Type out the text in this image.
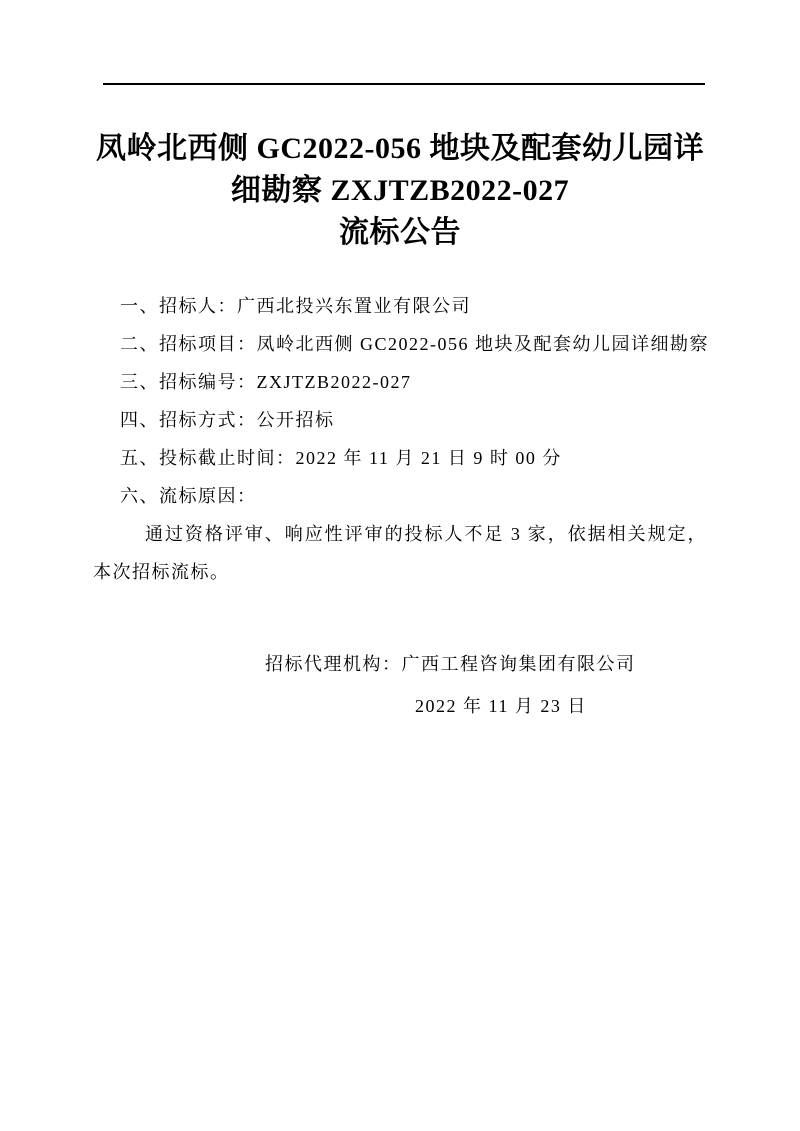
凤岭北西侧 GC2022-056 地块及配套幼儿园详
细勘察 ZXJTZB2022-027
流标公告
一、招标人：广西北投兴东置业有限公司
二、招标项目：凤岭北西侧 GC2022-056 地块及配套幼儿园详细勘察
三、招标编号：ZXJTZB2022-027
四、招标方式：公开招标
五、投标截止时间：2022 年 11 月 21 日 9 时 00 分
六、流标原因：

通过资格评审、响应性评审的投标人不足 3 家，依据相关规定，本次招标流标。

招标代理机构：广西工程咨询集团有限公司
2022 年 11 月 23 日
